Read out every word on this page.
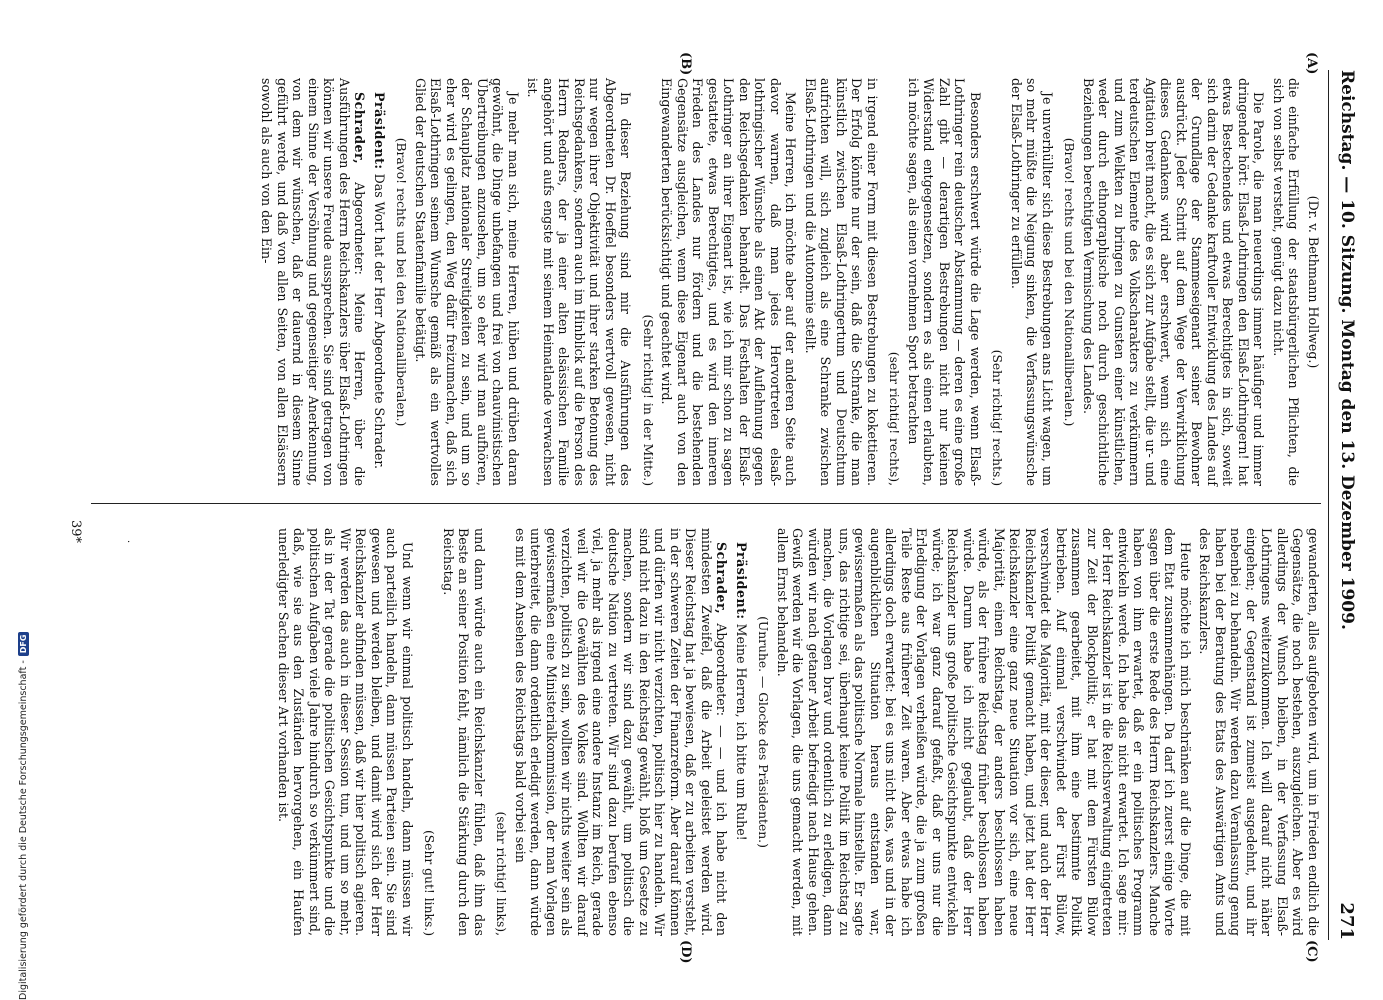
Reichstag. — 10. Sitzung. Montag den 13. Dezember 1909.
271
(A)
(B)
(C)
(D)

(Dr. v. Bethmann Hollweg.)

die einfache Erfüllung der staatsbürgerlichen Pflichten, die sich von selbst versteht, genügt dazu nicht.

Die Parole, die man neuerdings immer häufiger und immer dringender hört: Elsaß-Lothringen den Elsaß-Lothringern! hat etwas Bestechendes und etwas Berechtigtes in sich, soweit sich darin der Gedanke kraftvoller Entwicklung des Landes auf der Grundlage der Stammeseigenart seiner Bewohner ausdrückt. Jeder Schritt auf dem Wege der Verwirklichung dieses Gedankens wird aber erschwert, wenn sich eine Agitation breit macht, die es sich zur Aufgabe stellt, die ur- und terdeutschen Elemente des Volkscharakters zu verkümmern und zum Welkten zu bringen zu Gunsten einer künstlichen, weder durch ethnographische noch durch geschichtliche Beziehungen berechtigten Vermischung des Landes.

(Bravo! rechts und bei den Nationalliberalen.)

Je unverhüllter sich diese Bestrebungen ans Licht wagen, um so mehr müßte die Neigung sinken, die Verfassungswünsche der Elsaß-Lothringer zu erfüllen.

(Sehr richtig! rechts.)

Besonders erschwert würde die Lage werden, wenn Elsaß-Lothringer rein deutscher Abstammung — deren es eine große Zahl gibt — derartigen Bestrebungen nicht nur keinen Widerstand entgegensetzen, sondern es als einen erlaubten, ich möchte sagen, als einen vornehmen Sport betrachten

(sehr richtig! rechts),

in irgend einer Form mit diesen Bestrebungen zu kokettieren. Der Erfolg könnte nur der sein, daß die Schranke, die man künstlich zwischen Elsaß-Lothringertum und Deutschtum aufrichten will, sich zugleich als eine Schranke zwischen Elsaß-Lothringen und die Autonomie stellt.

Meine Herren, ich möchte aber auf der anderen Seite auch davor warnen, daß man jedes Hervortreten elsaß-lothringischer Wünsche als einen Akt der Auflehnung gegen den Reichsgedanken behandelt. Das Festhalten der Elsaß-Lothringer an ihrer Eigenart ist, wie ich mir schon zu sagen gestattete, etwas Berechtigtes, und es wird den inneren Frieden des Landes nur fördern und die bestehenden Gegensätze ausgleichen, wenn diese Eigenart auch von den Eingewanderten berücksichtigt und geachtet wird.

(Sehr richtig! in der Mitte.)

In dieser Beziehung sind mir die Ausführungen des Abgeordneten Dr. Hoeffel besonders wertvoll gewesen, nicht nur wegen ihrer Objektivität und ihrer starken Betonung des Reichsgedankens, sondern auch im Hinblick auf die Person des Herrn Redners, der ja einer alten elsässischen Familie angehört und aufs engste mit seinem Heimatlande verwachsen ist.

Je mehr man sich, meine Herren, hüben und drüben daran gewöhnt, die Dinge unbefangen und frei von chauvinistischen Übertreibungen anzusehen, um so eher wird man aufhören, der Schauplatz nationaler Streitigkeiten zu sein, und um so eher wird es gelingen, den Weg dafür freizumachen, daß sich Elsaß-Lothringen seinem Wunsche gemäß als ein wertvolles Glied der deutschen Staatenfamilie betätigt.

(Bravo! rechts und bei den Nationalliberalen.)

Präsident: Das Wort hat der Herr Abgeordnete Schrader.

Schrader, Abgeordneter: Meine Herren, über die Ausführungen des Herrn Reichskanzlers über Elsaß-Lothringen können wir unsere Freude aussprechen. Sie sind getragen von einem Sinne der Versöhnung und gegenseitiger Anerkennung, von dem wir wünschen, daß er dauernd in diesem Sinne geführt werde, und daß von allen Seiten, von allen Elsässern sowohl als auch von den Ein-

gewanderten, alles aufgeboten wird, um in Frieden endlich die Gegensätze, die noch bestehen, auszugleichen. Aber es wird allerdings der Wunsch bleiben, in der Verfassung Elsaß-Lothringens weiterzukommen. Ich will darauf nicht näher eingehen; der Gegenstand ist zumeist ausgedehnt, und ihr nebenbei zu behandeln. Wir werden dazu Veranlassung genug haben bei der Beratung des Etats des Auswärtigen Amts und des Reichskanzlers.

Heute möchte ich mich beschränken auf die Dinge, die mit dem Etat zusammenhängen. Da darf ich zuerst einige Worte sagen über die erste Rede des Herrn Reichskanzlers. Manche haben von ihm erwartet, daß er ein politisches Programm entwickeln werde. Ich habe das nicht erwartet. Ich sage mir: der Herr Reichskanzler ist in die Reichsverwaltung eingetreten zur Zeit der Blockpolitik; er hat mit dem Fürsten Bülow zusammen gearbeitet, mit ihm eine bestimmte Politik betrieben. Auf einmal verschwindet der Fürst Bülow, verschwindet die Majorität, mit der dieser, und auch der Herr Reichskanzler Politik gemacht haben, und jetzt hat der Herr Reichskanzler eine ganz neue Situation vor sich, eine neue Majorität, einen Reichstag, der anders beschlossen haben würde, als der frühere Reichstag früher beschlossen haben würde. Darum habe ich nicht geglaubt, daß der Herr Reichskanzler uns große politische Gesichtspunkte entwickeln würde; ich war ganz darauf gefaßt, daß er uns nur die Erledigung der Vorlagen verheißen würde, die ja zum großen Teile Reste aus früherer Zeit waren. Aber etwas habe ich allerdings doch erwartet: bei es uns nicht das, was und in der augenblicklichen Situation heraus entstanden war, gewissermaßen als das politische Normale hinstellte. Er sagte uns, das richtige sei, überhaupt keine Politik im Reichstag zu machen, die Vorlagen brav und ordentlich zu erledigen, dann würden wir nach getaner Arbeit befriedigt nach Hause gehen. Gewiß werden wir die Vorlagen, die uns gemacht werden, mit allem Ernst behandeln.

(Unruhe. — Glocke des Präsidenten.)

Präsident: Meine Herren, ich bitte um Ruhe!

Schrader, Abgeordneter: — — und ich habe nicht den mindesten Zweifel, daß die Arbeit geleistet werden wird. Dieser Reichstag hat ja bewiesen, daß er zu arbeiten versteht, in der schweren Zeiten der Finanzreform. Aber darauf können und dürfen wir nicht verzichten, politisch hier zu handeln. Wir sind nicht dazu in den Reichstag gewählt, bloß um Gesetze zu machen, sondern wir sind dazu gewählt, um politisch die deutsche Nation zu vertreten. Wir sind dazu berufen ebenso viel, ja mehr als irgend eine andere Instanz im Reich, gerade weil wir die Gewählten des Volkes sind. Wollten wir darauf verzichten, politisch zu sein, wollten wir nichts weiter sein als gewissermaßen eine Ministerialkommission, der man Vorlagen unterbreitet, die dann ordentlich erledigt werden, dann würde es mit dem Ansehen des Reichstags bald vorbei sein

(sehr richtig! links),

und dann würde auch ein Reichskanzler fühlen, daß ihm das Beste an seiner Position fehlt, nämlich die Stärkung durch den Reichstag.

(Sehr gut! links.)

Und wenn wir einmal politisch handeln, dann müssen wir auch parteilich handeln, dann müssen Parteien sein. Sie sind gewesen und werden bleiben, und damit wird sich der Herr Reichskanzler abfinden müssen, daß wir hier politisch agieren. Wir werden das auch in dieser Session tun, und um so mehr, als in der Tat gerade die politischen Gesichtspunkte und die politischen Aufgaben viele Jahre hindurch so verkümmert sind, daß, wie sie aus den Zuständen hervorgehen, ein Haufen unerledigter Sachen dieser Art vorhanden ist.

·
39*
Digitalisierung gefördert durch die Deutsche Forschungsgemeinschaft -
DFG
